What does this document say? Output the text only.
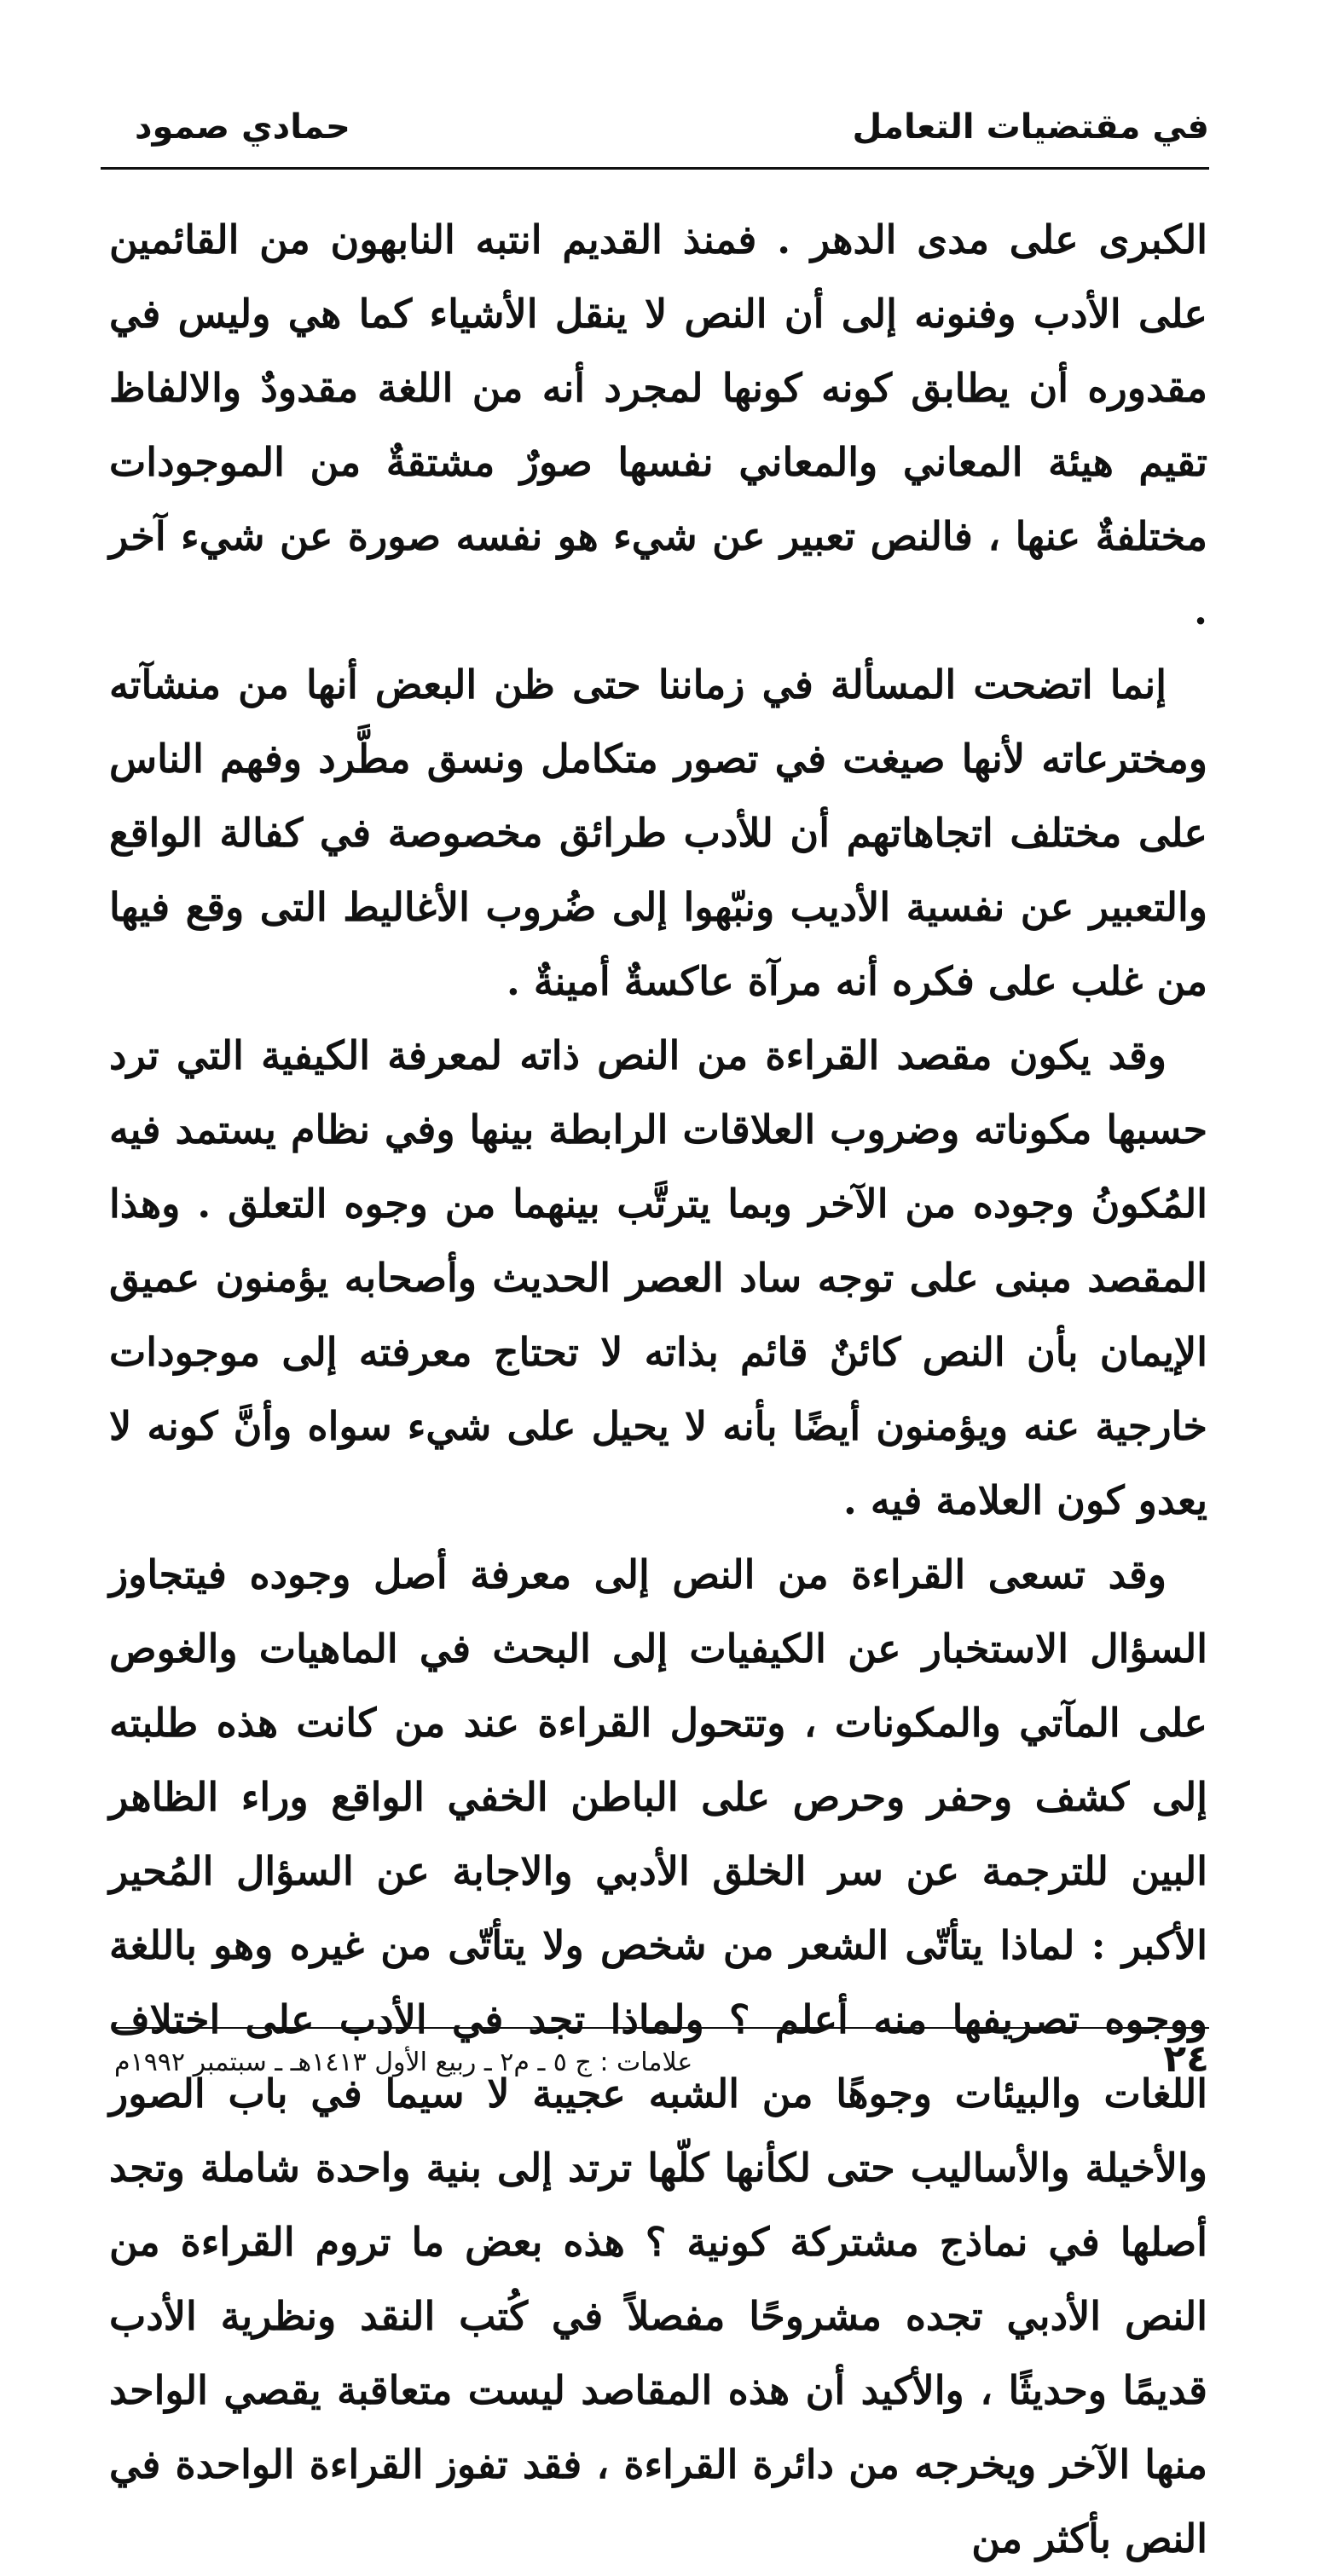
في مقتضيات التعامل
حمادي صمود

الكبرى على مدى الدهر . فمنذ القديم انتبه النابهون من القائمين على الأدب وفنونه إلى أن النص لا ينقل الأشياء كما هي وليس في مقدوره أن يطابق كونه كونها لمجرد أنه من اللغة مقدودٌ والالفاظ تقيم هيئة المعاني والمعاني نفسها صورٌ مشتقةٌ من الموجودات مختلفةٌ عنها ، فالنص تعبير عن شيء هو نفسه صورة عن شيء آخر .

إنما اتضحت المسألة في زماننا حتى ظن البعض أنها من منشآته ومخترعاته لأنها صيغت في تصور متكامل ونسق مطَّرد وفهم الناس على مختلف اتجاهاتهم أن للأدب طرائق مخصوصة في كفالة الواقع والتعبير عن نفسية الأديب ونبّهوا إلى ضُروب الأغاليط التى وقع فيها من غلب على فكره أنه مرآة عاكسةٌ أمينةٌ .

وقد يكون مقصد القراءة من النص ذاته لمعرفة الكيفية التي ترد حسبها مكوناته وضروب العلاقات الرابطة بينها وفي نظام يستمد فيه المُكونُ وجوده من الآخر وبما يترتَّب بينهما من وجوه التعلق . وهذا المقصد مبنى على توجه ساد العصر الحديث وأصحابه يؤمنون عميق الإيمان بأن النص كائنٌ قائم بذاته لا تحتاج معرفته إلى موجودات خارجية عنه ويؤمنون أيضًا بأنه لا يحيل على شيء سواه وأنَّ كونه لا يعدو كون العلامة فيه .

وقد تسعى القراءة من النص إلى معرفة أصل وجوده فيتجاوز السؤال الاستخبار عن الكيفيات إلى البحث في الماهيات والغوص على المآتي والمكونات ، وتتحول القراءة عند من كانت هذه طلبته إلى كشف وحفر وحرص على الباطن الخفي الواقع وراء الظاهر البين للترجمة عن سر الخلق الأدبي والاجابة عن السؤال المُحير الأكبر : لماذا يتأتّى الشعر من شخص ولا يتأتّى من غيره وهو باللغة ووجوه تصريفها منه أعلم ؟ ولماذا تجد في الأدب على اختلاف اللغات والبيئات وجوهًا من الشبه عجيبة لا سيما في باب الصور والأخيلة والأساليب حتى لكأنها كلّها ترتد إلى بنية واحدة شاملة وتجد أصلها في نماذج مشتركة كونية ؟ هذه بعض ما تروم القراءة من النص الأدبي تجده مشروحًا مفصلاً في كُتب النقد ونظرية الأدب قديمًا وحديثًا ، والأكيد أن هذه المقاصد ليست متعاقبة يقصي الواحد منها الآخر ويخرجه من دائرة القراءة ، فقد تفوز القراءة الواحدة في النص بأكثر من

٢٤
علامات : ج ٥ ـ م٢ ـ ربيع الأول ١٤١٣هـ ـ سبتمبر ١٩٩٢م
